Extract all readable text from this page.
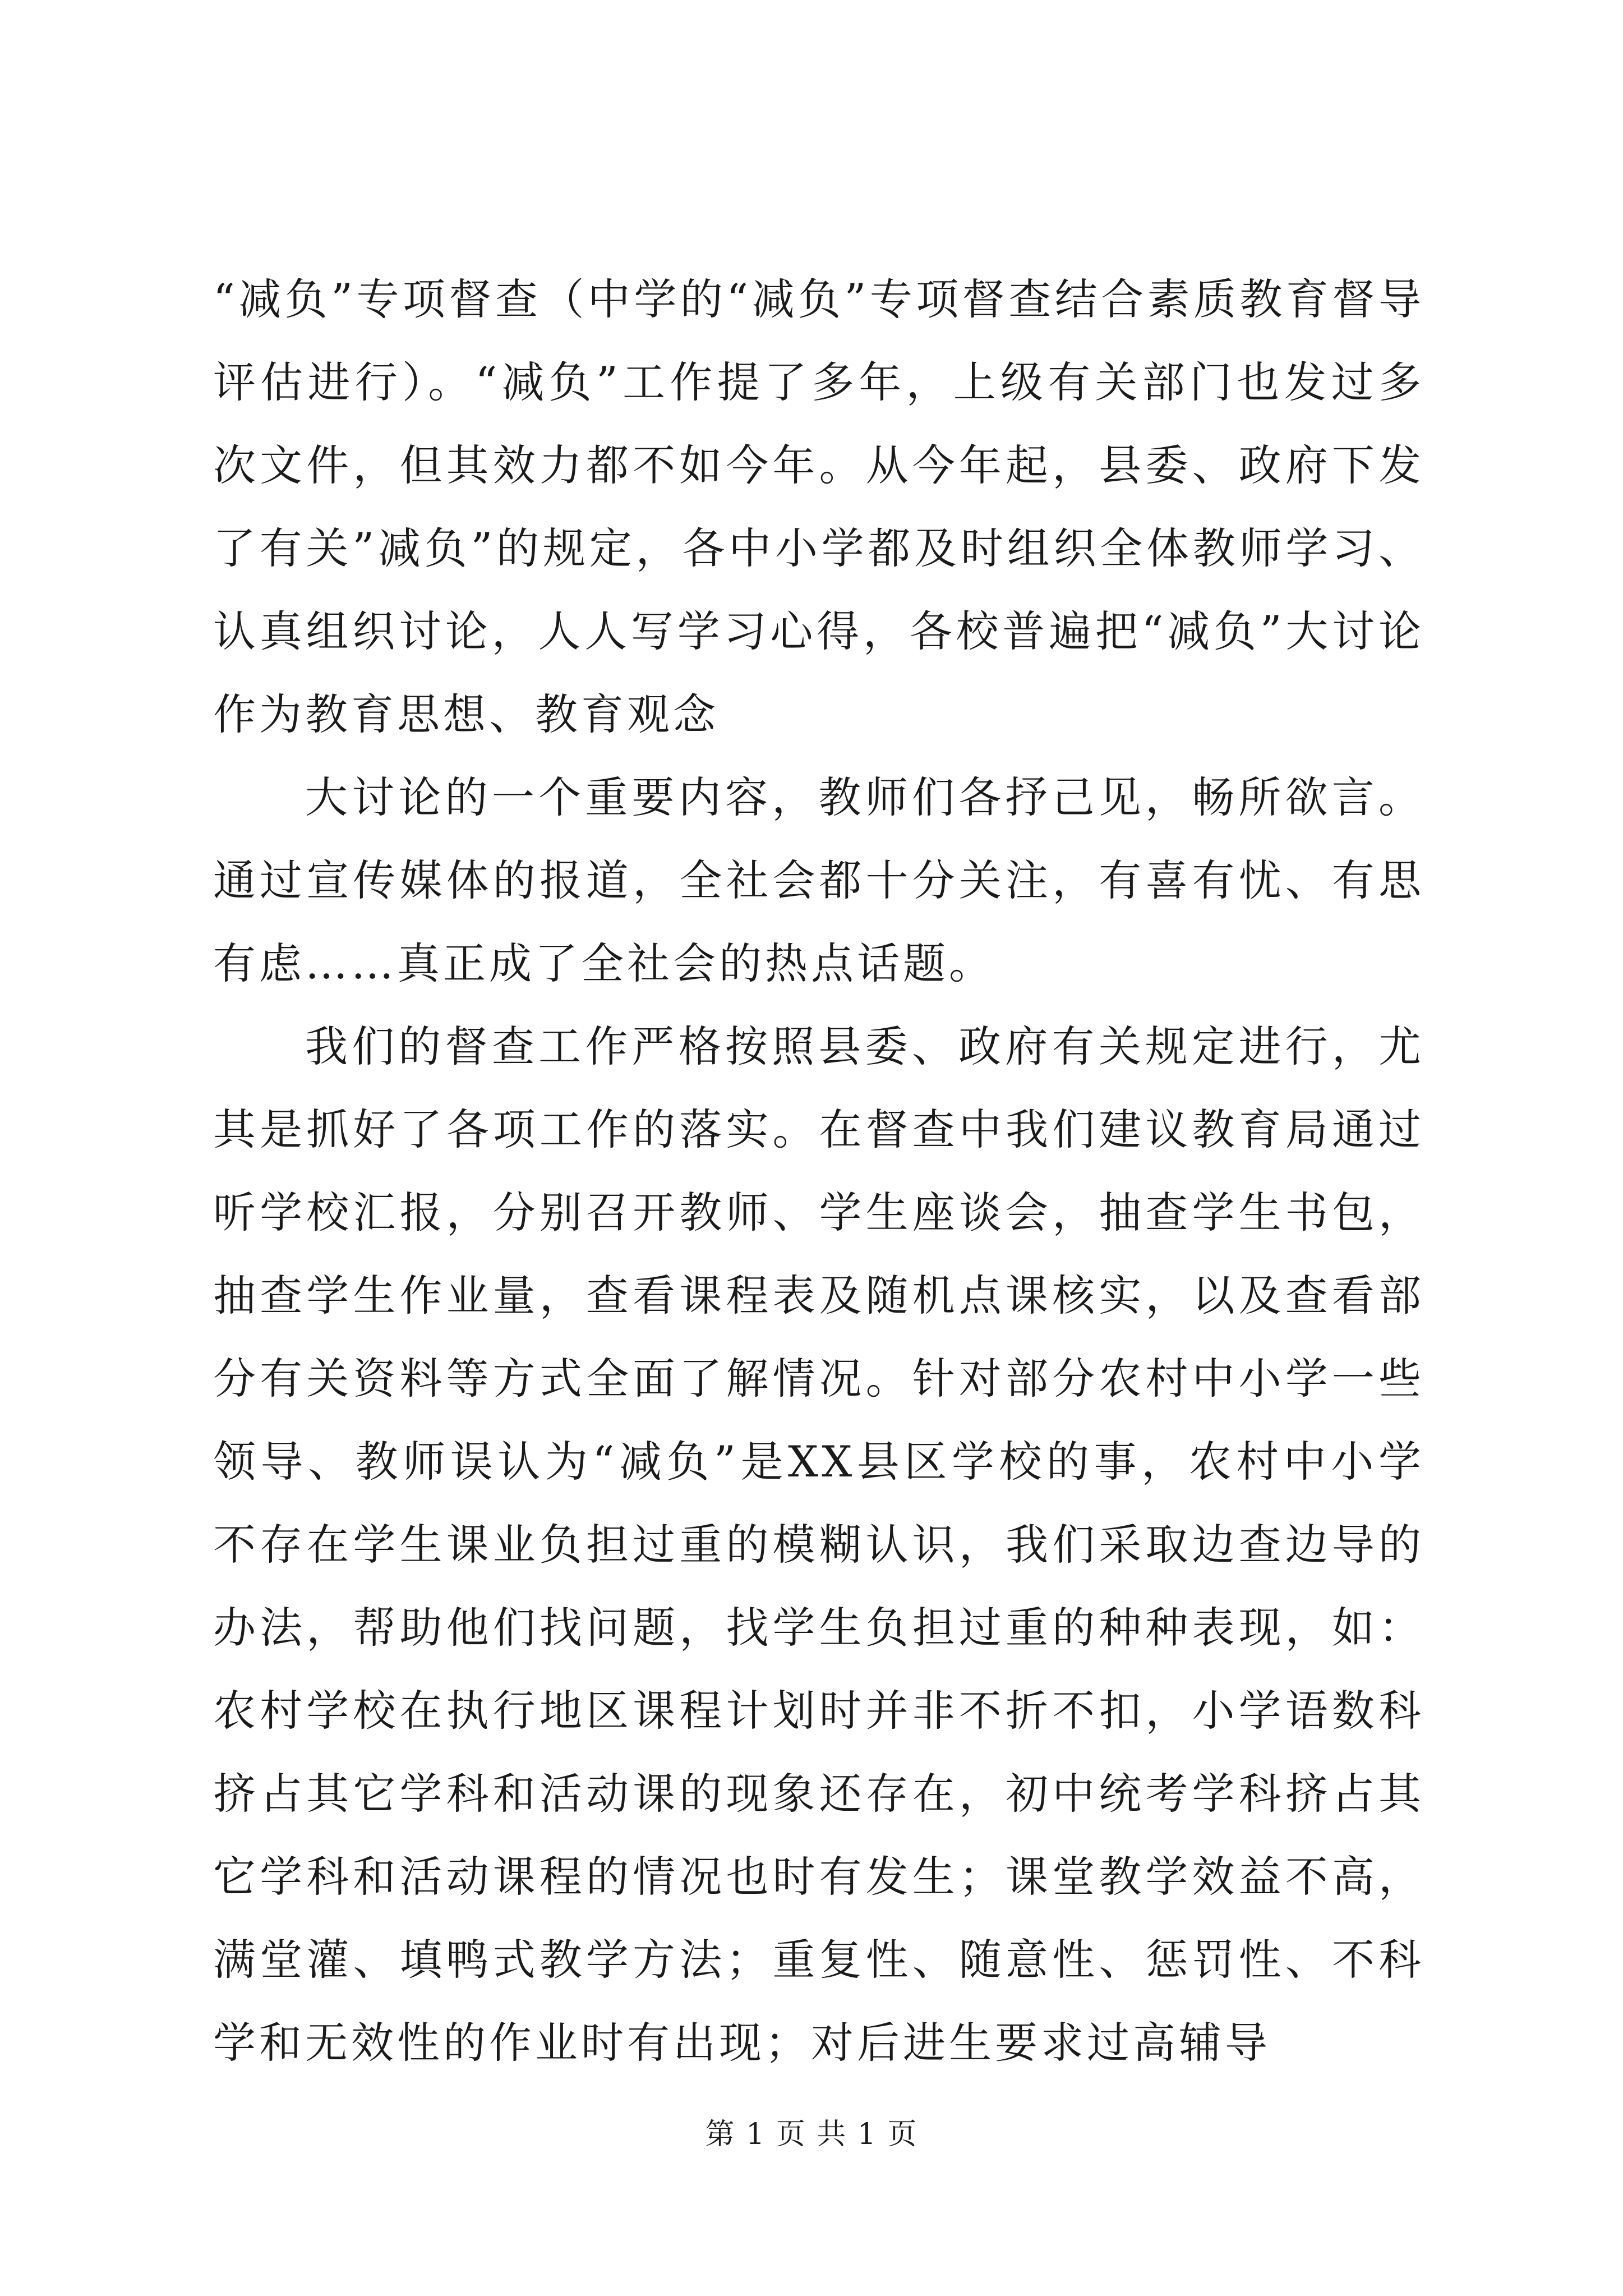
“减负”专项督查（中学的“减负”专项督查结合素质教育督导评估进行）。“减负”工作提了多年，上级有关部门也发过多次文件，但其效力都不如今年。从今年起，县委、政府下发了有关”减负”的规定，各中小学都及时组织全体教师学习、认真组织讨论，人人写学习心得，各校普遍把“减负”大讨论作为教育思想、教育观念

大讨论的一个重要内容，教师们各抒己见，畅所欲言。通过宣传媒体的报道，全社会都十分关注，有喜有忧、有思有虑……真正成了全社会的热点话题。

我们的督查工作严格按照县委、政府有关规定进行，尤其是抓好了各项工作的落实。在督查中我们建议教育局通过听学校汇报，分别召开教师、学生座谈会，抽查学生书包，抽查学生作业量，查看课程表及随机点课核实，以及查看部分有关资料等方式全面了解情况。针对部分农村中小学一些领导、教师误认为“减负”是XX县区学校的事，农村中小学不存在学生课业负担过重的模糊认识，我们采取边查边导的办法，帮助他们找问题，找学生负担过重的种种表现，如：农村学校在执行地区课程计划时并非不折不扣，小学语数科挤占其它学科和活动课的现象还存在，初中统考学科挤占其它学科和活动课程的情况也时有发生；课堂教学效益不高，满堂灌、填鸭式教学方法；重复性、随意性、惩罚性、不科学和无效性的作业时有出现；对后进生要求过高辅导

第 1 页 共 1 页
